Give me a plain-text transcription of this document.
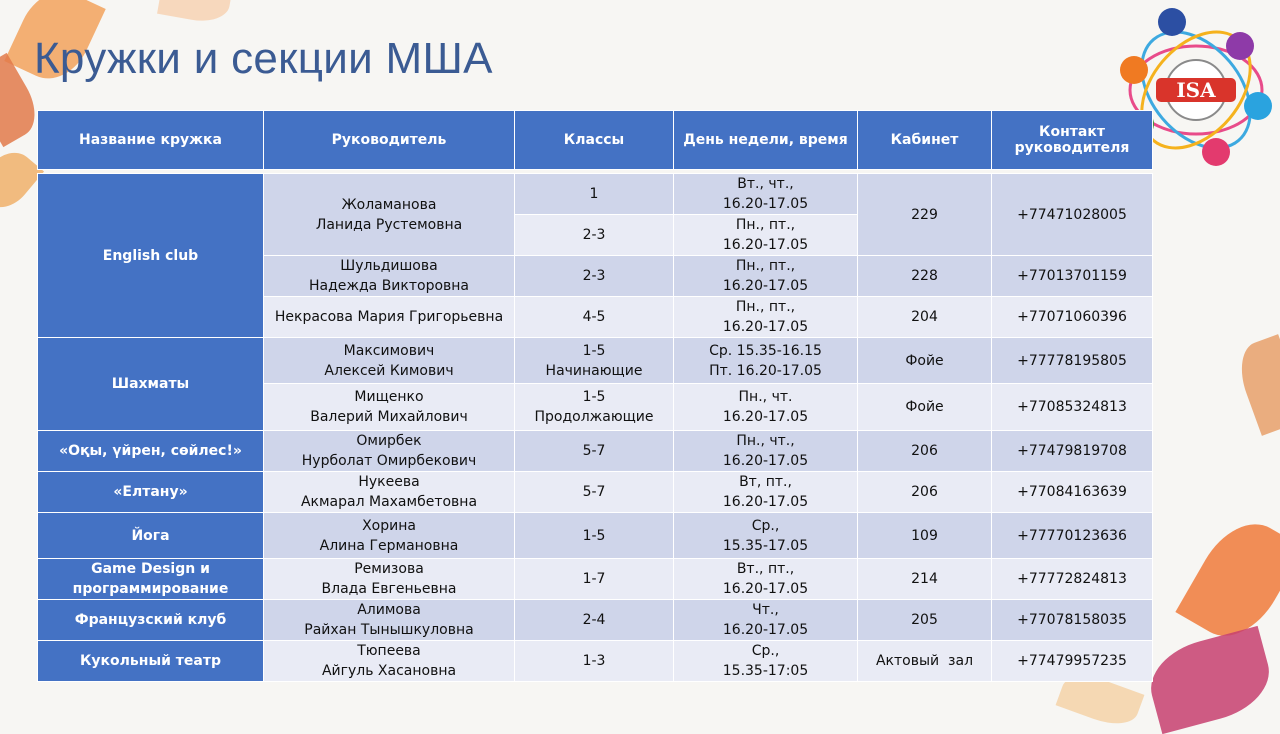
Кружки и секции МША
ISA
Название кружка	Руководитель	Классы	День недели, время	Кабинет	Контакт руководителя

English club	Жоламанова
Ланида Рустемовна	1	Вт., чт.,
16.20-17.05	229	+77471028005
		2-3	Пн., пт.,
16.20-17.05		

	Шульдишова
Надежда Викторовна	2-3	Пн., пт.,
16.20-17.05	228	+77013701159
	Некрасова Мария Григорьевна	4-5	Пн., пт.,
16.20-17.05	204	+77071060396
Шахматы	Максимович
Алексей Кимович	1-5
Начинающие	Ср. 15.35-16.15
Пт. 16.20-17.05	Фойе	+77778195805

	Мищенко
Валерий Михайлович	1-5
Продолжающие	Пн., чт.
16.20-17.05	Фойе	+77085324813
«Оқы, үйрен, сөйлес!»	Омирбек
Нурболат Омирбекович	5-7	Пн., чт.,
16.20-17.05	206	+77479819708
«Елтану»	Нукеева
Акмарал Махамбетовна	5-7	Вт, пт.,
16.20-17.05	206	+77084163639
Йога	Хорина
Алина Германовна	1-5	Ср.,
15.35-17.05	109	+77770123636
Game Design и программирование	Ремизова
Влада Евгеньевна	1-7	Вт., пт.,
16.20-17.05	214	+77772824813
Французский клуб	Алимова
Райхан Тынышкуловна	2-4	Чт.,
16.20-17.05	205	+77078158035
Кукольный театр	Тюпеева
Айгуль Хасановна	1-3	Ср.,
15.35-17:05	Актовый  зал	+77479957235
